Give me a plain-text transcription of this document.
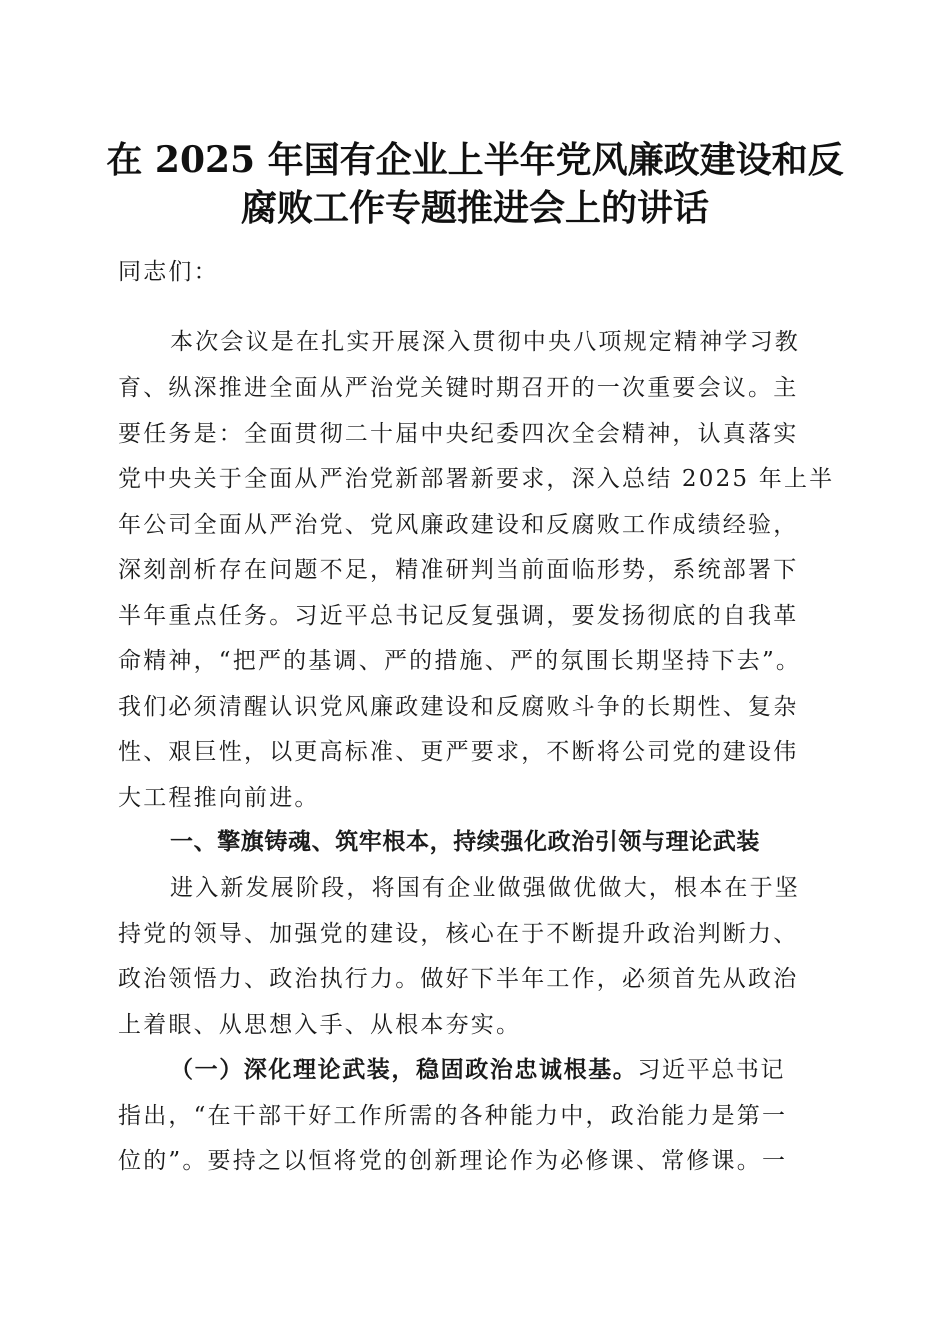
在 2025 年国有企业上半年党风廉政建设和反
腐败工作专题推进会上的讲话
同志们：
本次会议是在扎实开展深入贯彻中央八项规定精神学习教
育、纵深推进全面从严治党关键时期召开的一次重要会议。主
要任务是：全面贯彻二十届中央纪委四次全会精神，认真落实
党中央关于全面从严治党新部署新要求，深入总结 2025 年上半
年公司全面从严治党、党风廉政建设和反腐败工作成绩经验，
深刻剖析存在问题不足，精准研判当前面临形势，系统部署下
半年重点任务。习近平总书记反复强调，要发扬彻底的自我革
命精神，“把严的基调、严的措施、严的氛围长期坚持下去”。
我们必须清醒认识党风廉政建设和反腐败斗争的长期性、复杂
性、艰巨性，以更高标准、更严要求，不断将公司党的建设伟
大工程推向前进。
一、擎旗铸魂、筑牢根本，持续强化政治引领与理论武装
进入新发展阶段，将国有企业做强做优做大，根本在于坚
持党的领导、加强党的建设，核心在于不断提升政治判断力、
政治领悟力、政治执行力。做好下半年工作，必须首先从政治
上着眼、从思想入手、从根本夯实。
（一）深化理论武装，稳固政治忠诚根基。习近平总书记
指出，“在干部干好工作所需的各种能力中，政治能力是第一
位的”。要持之以恒将党的创新理论作为必修课、常修课。一
